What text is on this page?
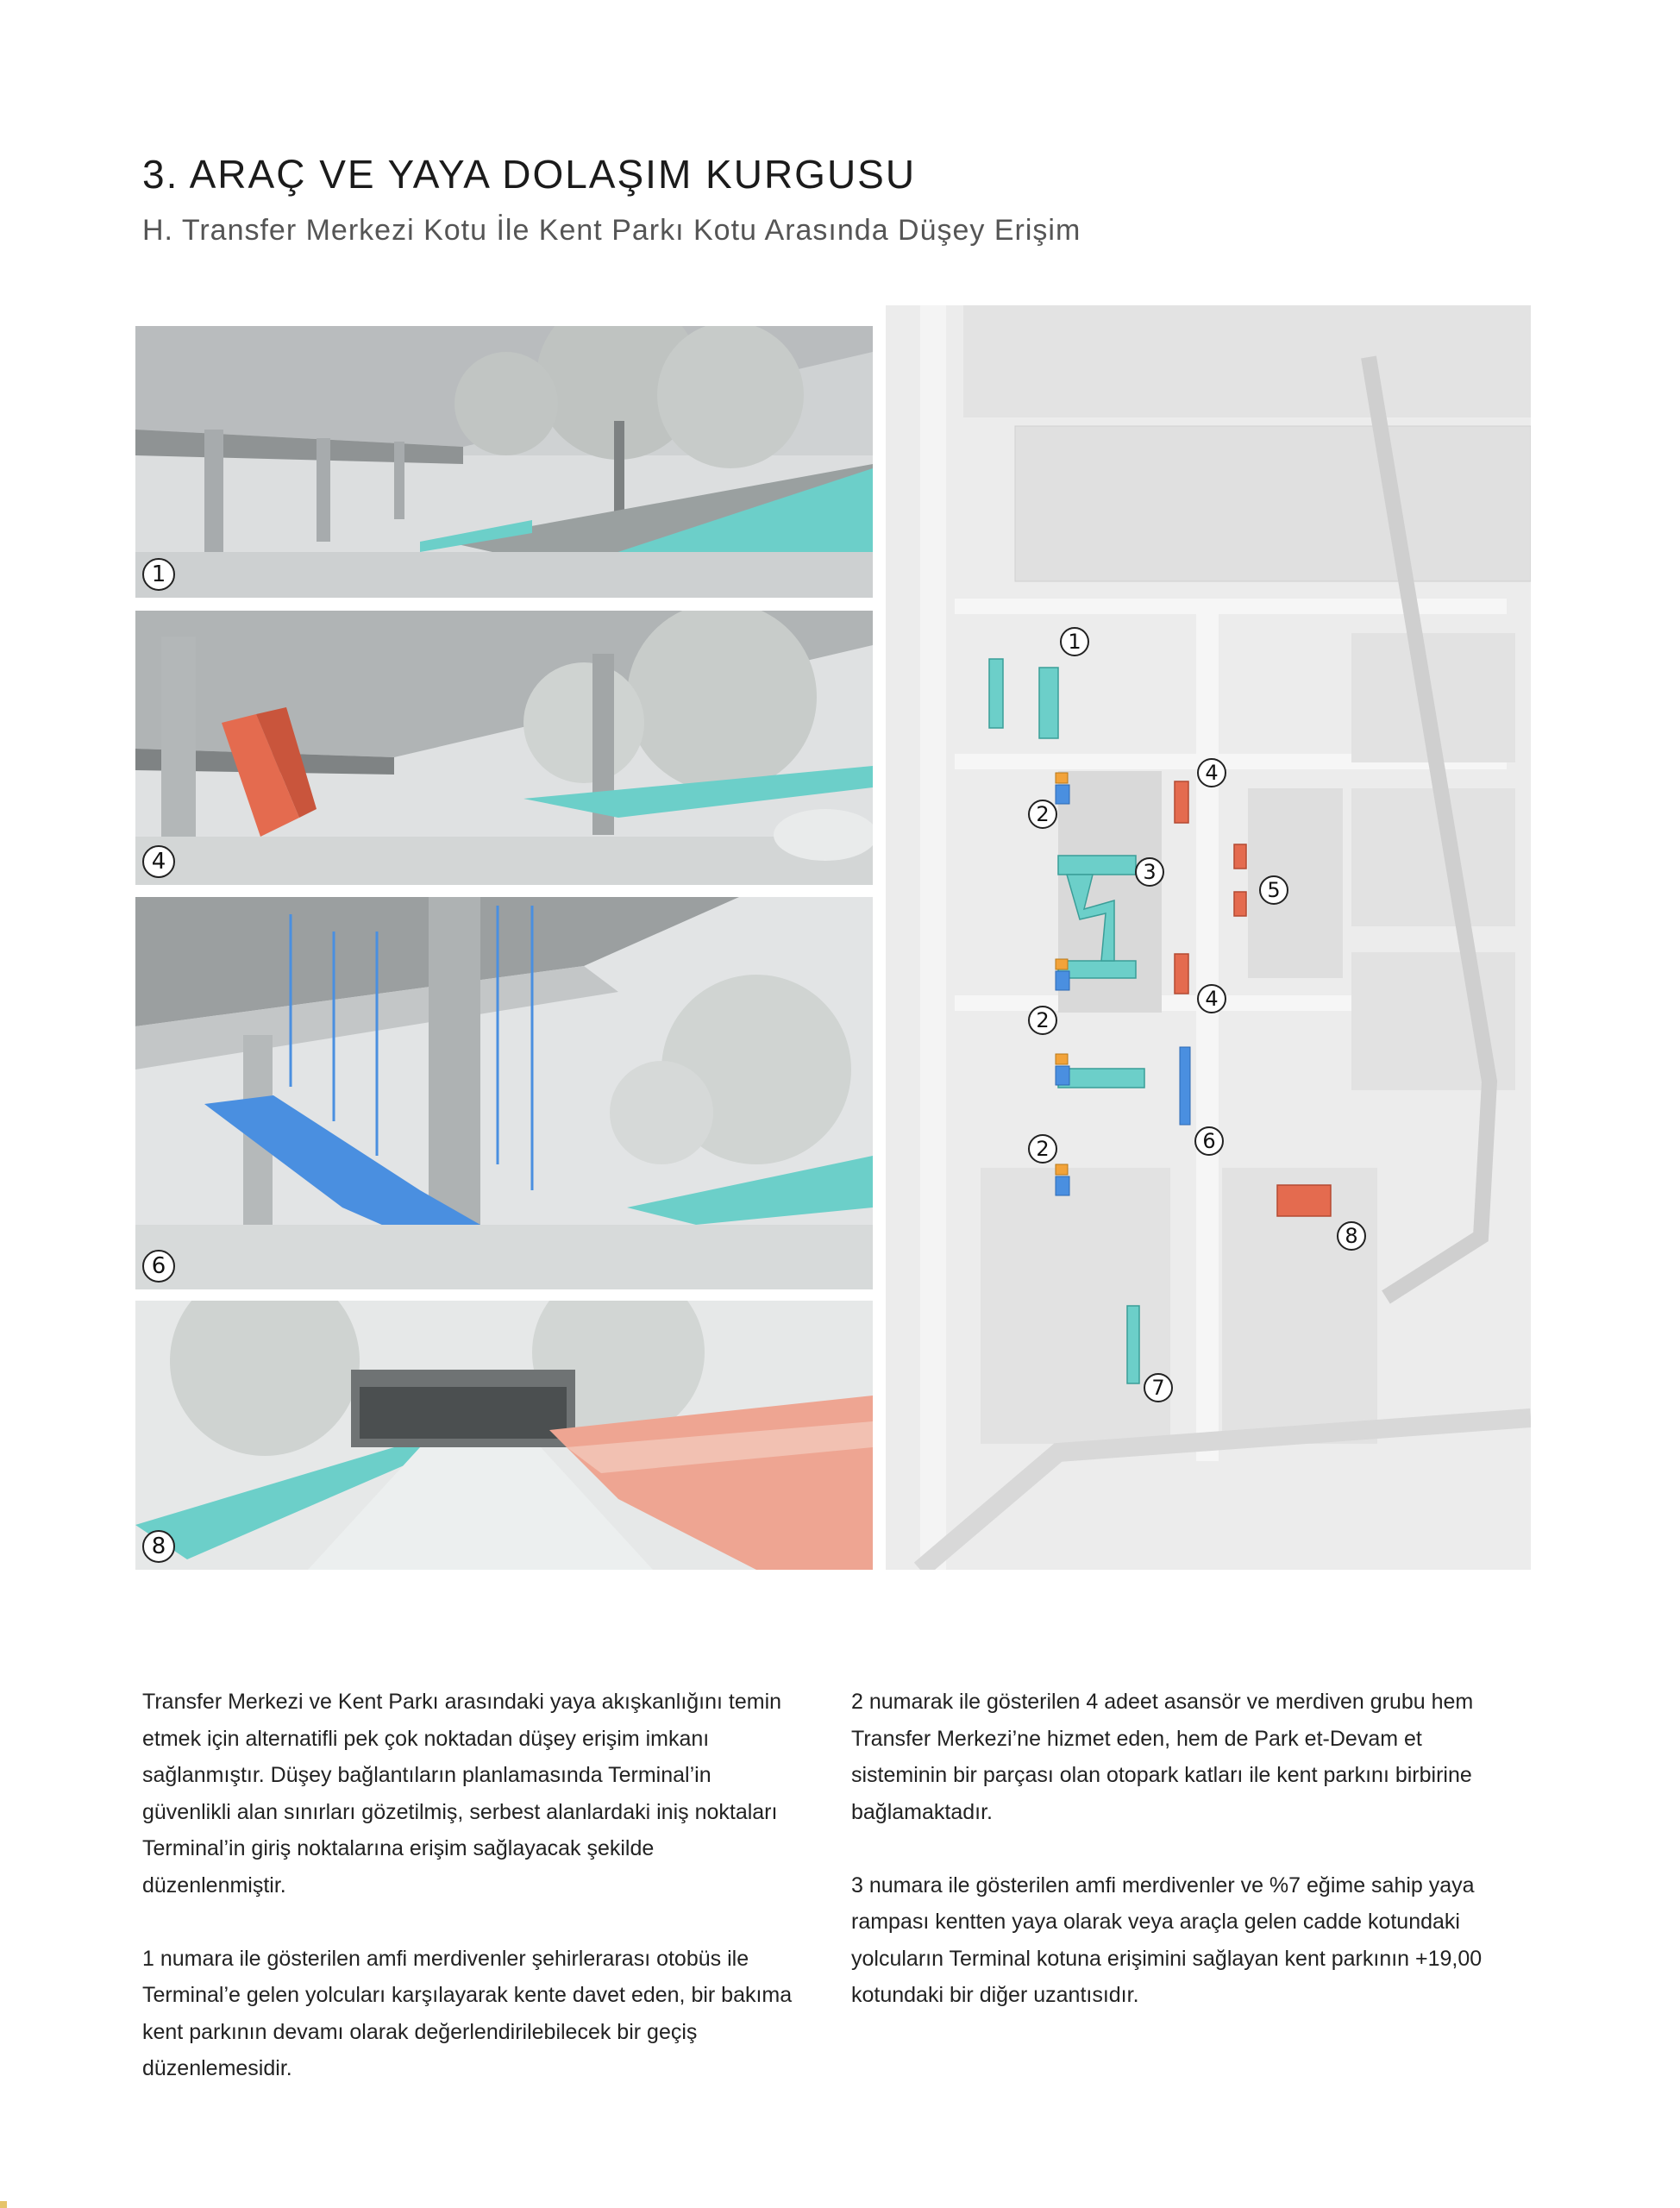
3. ARAÇ VE YAYA DOLAŞIM KURGUSU
H. Transfer Merkezi Kotu İle Kent Parkı Kotu Arasında Düşey Erişim
1
4
6
8
1
2
2
2
3
4
4
5
6
7
8

Transfer Merkezi ve Kent Parkı arasındaki yaya akışkanlığını temin etmek için alternatifli pek çok noktadan düşey erişim imkanı sağlanmıştır. Düşey bağlantıların planlamasında Terminal’in güvenlikli alan sınırları gözetilmiş, serbest alanlardaki iniş noktaları Terminal’in giriş noktalarına erişim sağlayacak şekilde düzenlenmiştir.

1 numara ile gösterilen amfi merdivenler şehirlerarası otobüs ile Terminal’e gelen yolcuları karşılayarak kente davet eden, bir bakıma kent parkının devamı olarak değerlendirilebilecek bir geçiş düzenlemesidir.

2 numarak ile gösterilen 4 adeet asansör ve merdiven grubu hem Transfer Merkezi’ne hizmet eden, hem de Park et-Devam et sisteminin bir parçası olan otopark katları ile kent parkını birbirine bağlamaktadır.

3 numara ile gösterilen amfi merdivenler ve %7 eğime sahip yaya rampası kentten yaya olarak veya araçla gelen cadde kotundaki yolcuların Terminal kotuna erişimini sağlayan kent parkının +19,00 kotundaki bir diğer uzantısıdır.
